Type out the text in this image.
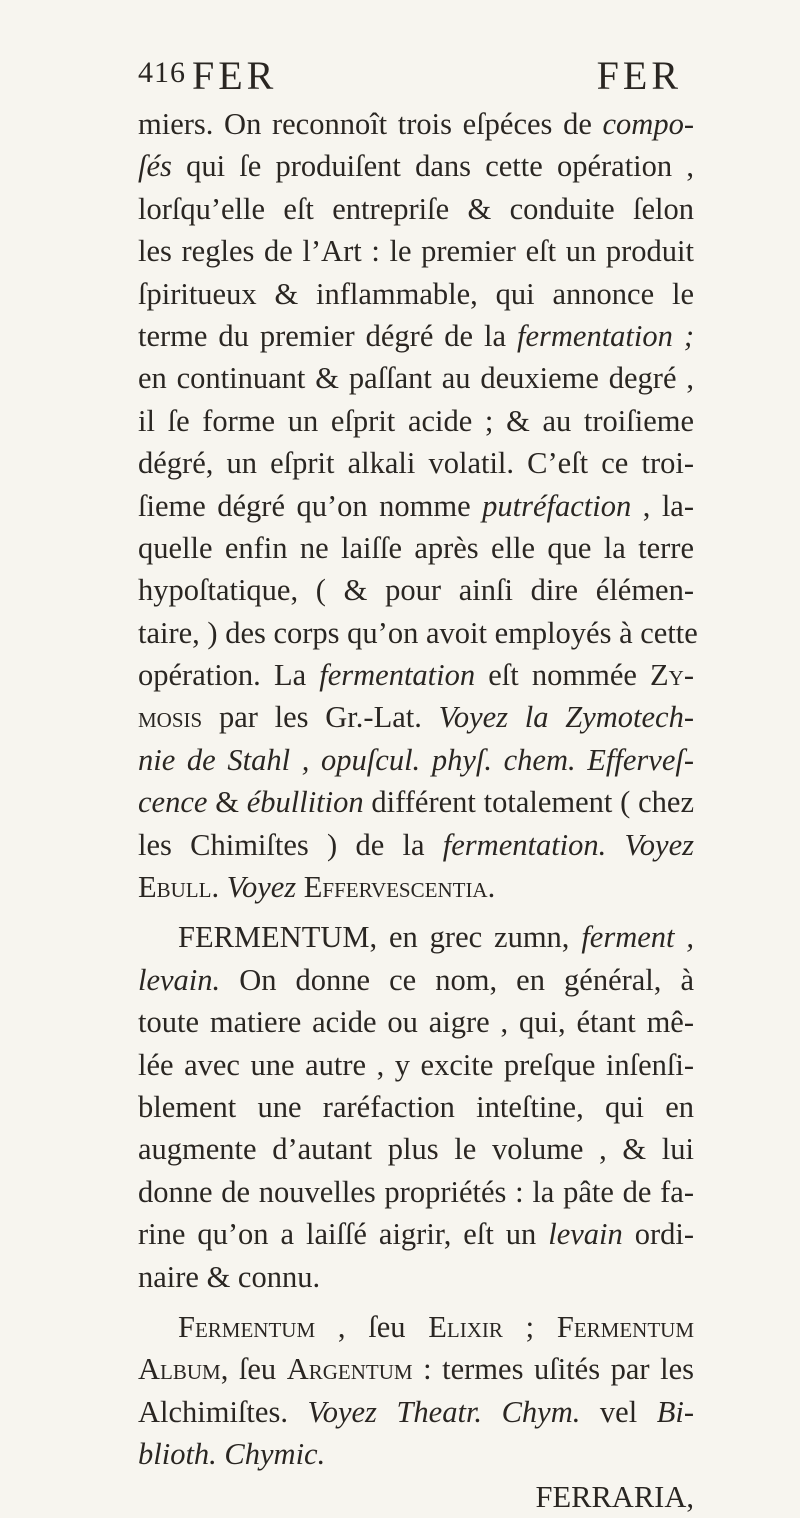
416 FER	FER
miers. On reconnoît trois eſpéces de compo-
ſés qui ſe produiſent dans cette opération ,
lorſqu’elle eſt entrepriſe & conduite ſelon
les regles de l’Art : le premier eſt un produit
ſpiritueux & inflammable, qui annonce le
terme du premier dégré de la fermentation ;
en continuant & paſſant au deuxieme degré ,
il ſe forme un eſprit acide ; & au troiſieme
dégré, un eſprit alkali volatil. C’eſt ce troi-
ſieme dégré qu’on nomme putréfaction , la-
quelle enfin ne laiſſe après elle que la terre
hypoſtatique, ( & pour ainſi dire élémen-
taire, ) des corps qu’on avoit employés à cette
opération. La fermentation eſt nommée Zy-
mosis par les Gr.-Lat. Voyez la Zymotech-
nie de Stahl , opuſcul. phyſ. chem. Effervеſ-
cence & ébullition différent totalement ( chez
les Chimiſtes ) de la fermentation. Voyez
Ebull. Voyez Effervescentia.
FERMENTUM, en grec zumn, ferment ,
levain. On donne ce nom, en général, à
toute matiere acide ou aigre , qui, étant mê-
lée avec une autre , y excite preſque inſenſi-
blement une raréfaction inteſtine, qui en
augmente d’autant plus le volume , & lui
donne de nouvelles propriétés : la pâte de fa-
rine qu’on a laiſſé aigrir, eſt un levain ordi-
naire & connu.
Fermentum , ſeu Elixir ; Fermentum
Album, ſeu Argentum : termes uſités par les
Alchimiſtes. Voyez Theatr. Chym. vel Bi-
blioth. Chymic.
FERRARIA,
